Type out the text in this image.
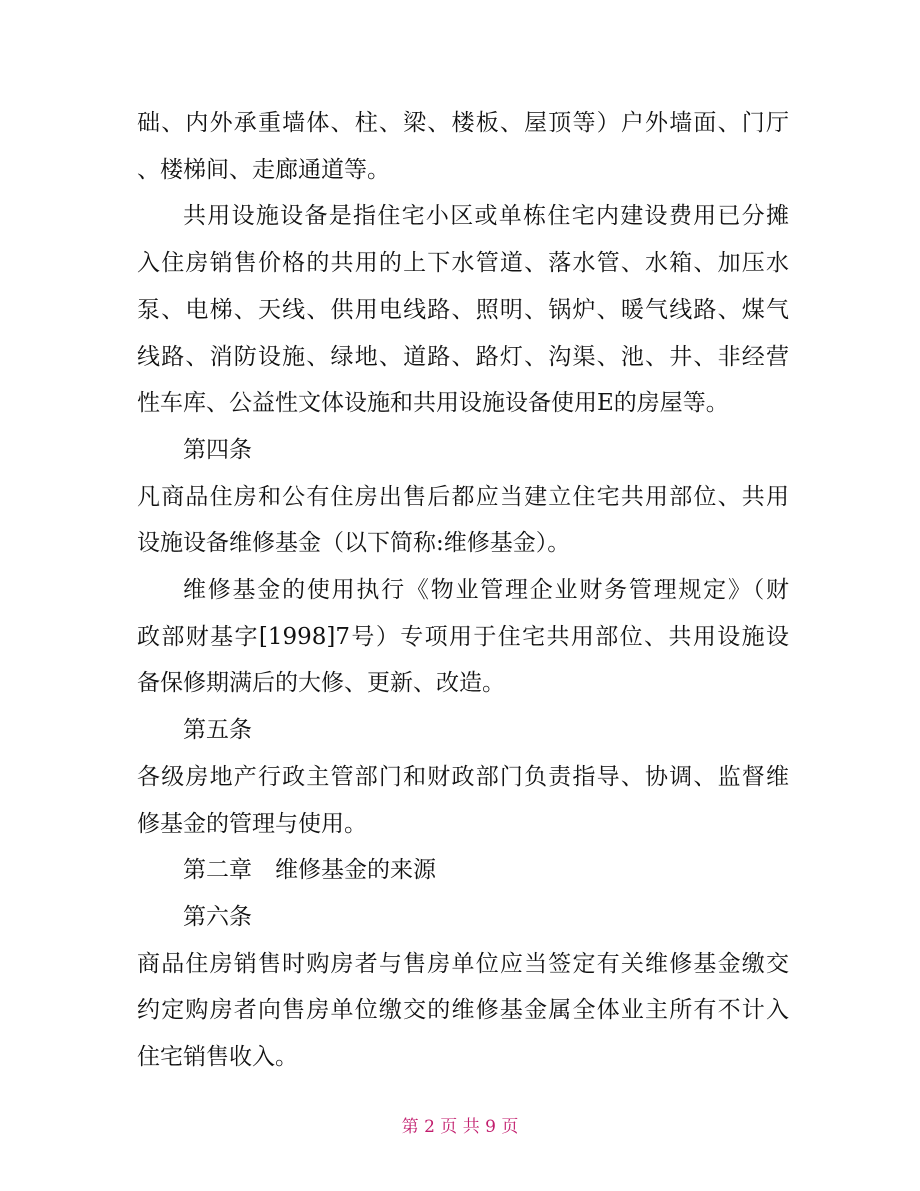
础、内外承重墙体、柱、梁、楼板、屋顶等）户外墙面、门厅
、楼梯间、走廊通道等。
共用设施设备是指住宅小区或单栋住宅内建设费用已分摊
入住房销售价格的共用的上下水管道、落水管、水箱、加压水
泵、电梯、天线、供用电线路、照明、锅炉、暖气线路、煤气
线路、消防设施、绿地、道路、路灯、沟渠、池、井、非经营
性车库、公益性文体设施和共用设施设备使用E的房屋等。
第四条
凡商品住房和公有住房出售后都应当建立住宅共用部位、共用
设施设备维修基金（以下简称:维修基金）。
维修基金的使用执行《物业管理企业财务管理规定》（财
政部财基字[1998]7号）专项用于住宅共用部位、共用设施设
备保修期满后的大修、更新、改造。
第五条
各级房地产行政主管部门和财政部门负责指导、协调、监督维
修基金的管理与使用。
第二章　维修基金的来源
第六条
商品住房销售时购房者与售房单位应当签定有关维修基金缴交
约定购房者向售房单位缴交的维修基金属全体业主所有不计入
住宅销售收入。
第 2 页 共 9 页
